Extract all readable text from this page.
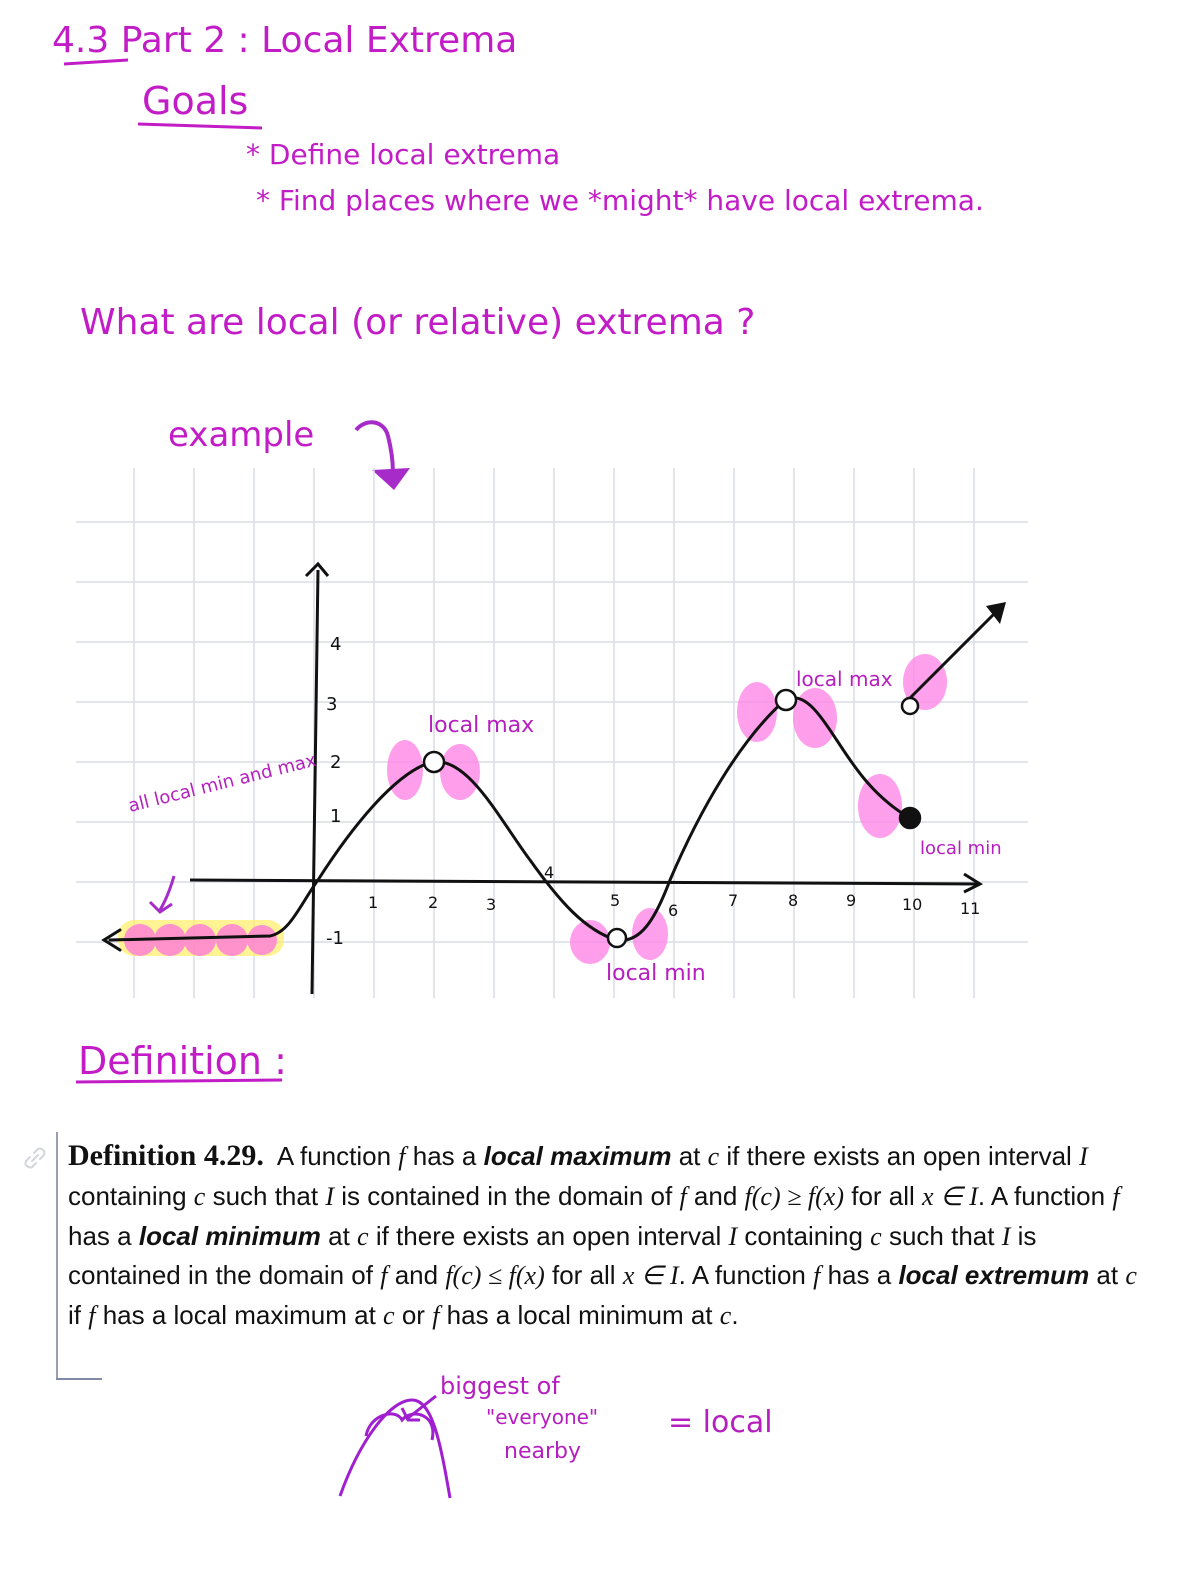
4.3 Part 2 : Local Extrema
Goals
* Define local extrema
* Find places where we *might* have local extrema.
What are local (or relative) extrema ?
example
4
3
2
1
-1
1	2	3
4
5
6
7	8	9	10 11
local max
local max
local min
local min
all local min and max
Definition :
biggest of
"everyone"
nearby
= local
Definition 4.29. A function f has a local maximum at c if there exists an open interval I containing c such that I is contained in the domain of f and f(c) ≥ f(x) for all x ∈ I. A function f has a local minimum at c if there exists an open interval I containing c such that I is contained in the domain of f and f(c) ≤ f(x) for all x ∈ I. A function f has a local extremum at c if f has a local maximum at c or f has a local minimum at c.
